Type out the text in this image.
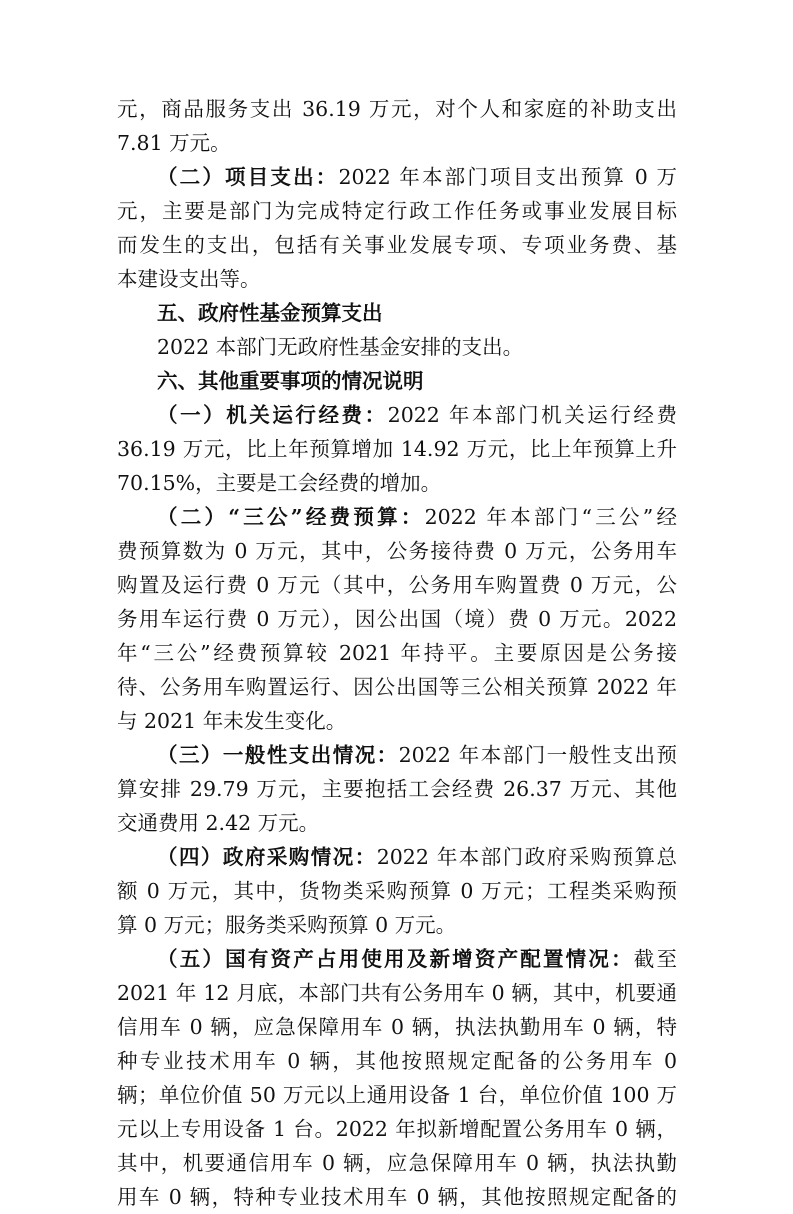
元，商品服务支出 36.19 万元，对个人和家庭的补助支出
7.81 万元。
（二）项目支出：2022 年本部门项目支出预算 0 万
元，主要是部门为完成特定行政工作任务或事业发展目标
而发生的支出，包括有关事业发展专项、专项业务费、基
本建设支出等。
五、政府性基金预算支出
2022 本部门无政府性基金安排的支出。
六、其他重要事项的情况说明
（一）机关运行经费：2022 年本部门机关运行经费
36.19 万元，比上年预算增加 14.92 万元，比上年预算上升
70.15%，主要是工会经费的增加。
（二）“三公”经费预算：2022 年本部门“三公”经
费预算数为 0 万元，其中，公务接待费 0 万元，公务用车
购置及运行费 0 万元（其中，公务用车购置费 0 万元，公
务用车运行费 0 万元），因公出国（境）费 0 万元。2022
年“三公”经费预算较 2021 年持平。主要原因是公务接
待、公务用车购置运行、因公出国等三公相关预算 2022 年
与 2021 年未发生变化。
（三）一般性支出情况：2022 年本部门一般性支出预
算安排 29.79 万元，主要抱括工会经费 26.37 万元、其他
交通费用 2.42 万元。
（四）政府采购情况：2022 年本部门政府采购预算总
额 0 万元，其中，货物类采购预算 0 万元；工程类采购预
算 0 万元；服务类采购预算 0 万元。
（五）国有资产占用使用及新增资产配置情况：截至
2021 年 12 月底，本部门共有公务用车 0 辆，其中，机要通
信用车 0 辆，应急保障用车 0 辆，执法执勤用车 0 辆，特
种专业技术用车 0 辆，其他按照规定配备的公务用车 0
辆；单位价值 50 万元以上通用设备 1 台，单位价值 100 万
元以上专用设备 1 台。2022 年拟新增配置公务用车 0 辆，
其中，机要通信用车 0 辆，应急保障用车 0 辆，执法执勤
用车 0 辆，特种专业技术用车 0 辆，其他按照规定配备的
